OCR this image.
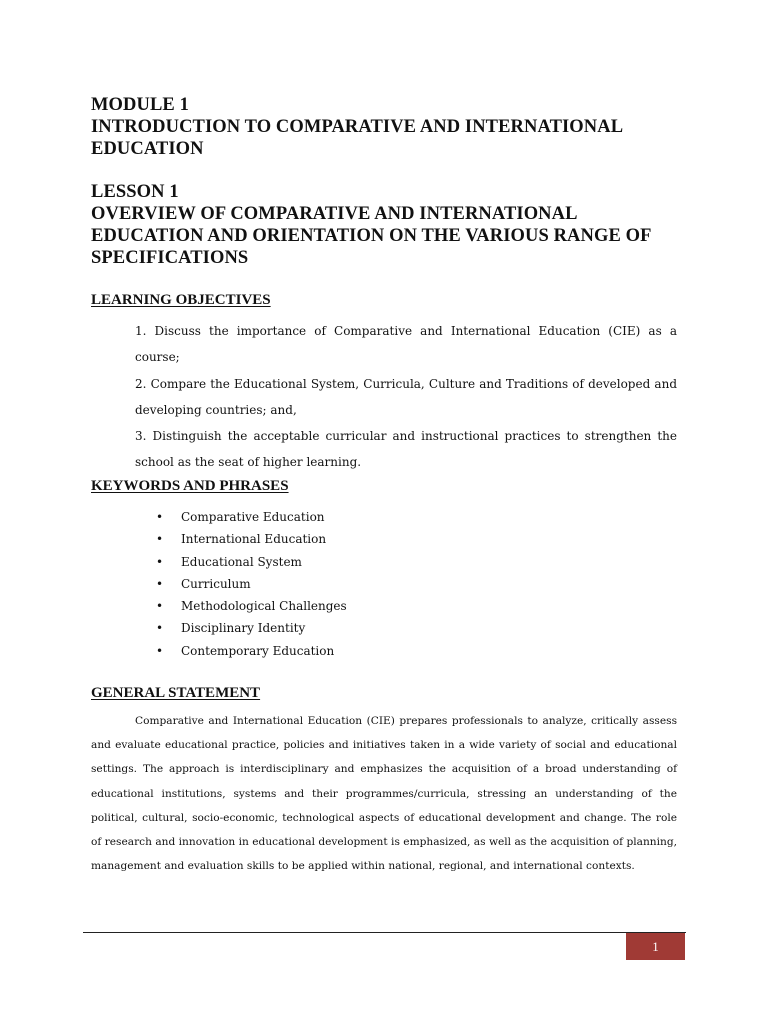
MODULE 1
INTRODUCTION TO COMPARATIVE AND INTERNATIONAL
EDUCATION
LESSON 1
OVERVIEW OF COMPARATIVE AND INTERNATIONAL
EDUCATION AND ORIENTATION ON THE VARIOUS RANGE OF
SPECIFICATIONS
LEARNING OBJECTIVES

1. Discuss the importance of Comparative and International Education (CIE) as a course;

2. Compare the Educational System, Curricula, Culture and Traditions of developed and developing countries; and,

3. Distinguish the acceptable curricular and instructional practices to strengthen the school as the seat of higher learning.

KEYWORDS AND PHRASES
• Comparative Education
• International Education
• Educational System
• Curriculum
• Methodological Challenges
• Disciplinary Identity
• Contemporary Education
GENERAL STATEMENT

Comparative and International Education (CIE) prepares professionals to analyze, critically assess and evaluate educational practice, policies and initiatives taken in a wide variety of social and educational settings. The approach is interdisciplinary and emphasizes the acquisition of a broad understanding of educational institutions, systems and their programmes/curricula, stressing an understanding of the political, cultural, socio-economic, technological aspects of educational development and change. The role of research and innovation in educational development is emphasized, as well as the acquisition of planning, management and evaluation skills to be applied within national, regional, and international contexts.

1
